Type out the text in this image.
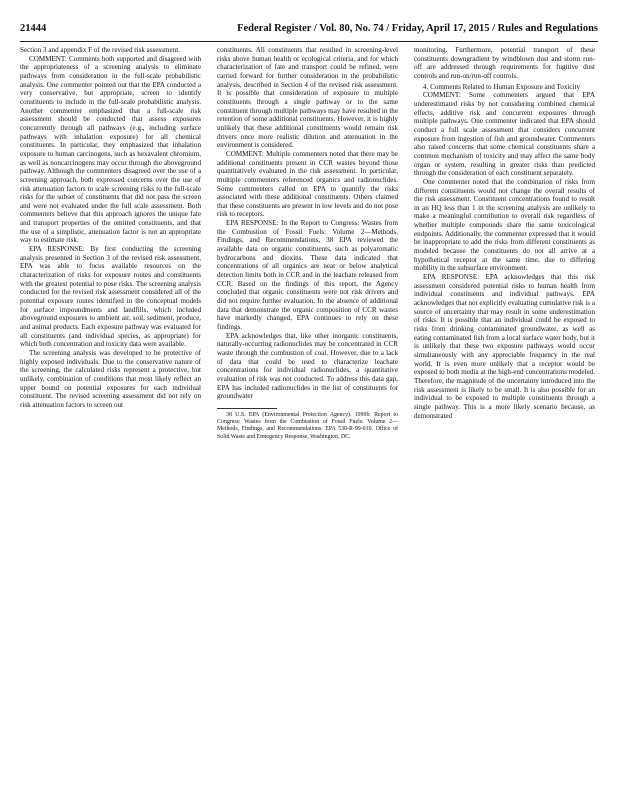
21444	Federal Register / Vol. 80, No. 74 / Friday, April 17, 2015 / Rules and Regulations

Section 3 and appendix F of the revised risk assessment.

COMMENT: Comments both supported and disagreed with the appropriateness of a screening analysis to eliminate pathways from consideration in the full-scale probabilistic analysis. One commenter pointed out that the EPA conducted a very conservative, but appropriate, screen to identify constituents to include in the full-scale probabilistic analysis. Another commenter emphasized that a full-scale risk assessment should be conducted that assess exposures concurrently through all pathways (e.g., including surface pathways with inhalation exposure) for all chemical constituents. In particular, they emphasized that inhalation exposure to human carcinogens, such as hexavalent chromium, as well as noncarcinogens may occur through the aboveground pathway. Although the commenters disagreed over the use of a screening approach, both expressed concerns over the use of risk attenuation factors to scale screening risks to the full-scale risks for the subset of constituents that did not pass the screen and were not evaluated under the full scale assessment. Both commenters believe that this approach ignores the unique fate and transport properties of the omitted constituents, and that the use of a simplistic, attenuation factor is not an appropriate way to estimate risk.

EPA RESPONSE: By first conducting the screening analysis presented in Section 3 of the revised risk assessment, EPA was able to focus available resources on the characterization of risks for exposure routes and constituents with the greatest potential to pose risks. The screening analysis conducted for the revised risk assessment considered all of the potential exposure routes identified in the conceptual models for surface impoundments and landfills, which included aboveground exposures to ambient air, soil, sediment, produce, and animal products. Each exposure pathway was evaluated for all constituents (and individual species, as appropriate) for which both concentration and toxicity data were available.

The screening analysis was developed to be protective of highly exposed individuals. Due to the conservative nature of the screening, the calculated risks represent a protective, but unlikely, combination of conditions that most likely reflect an upper bound on potential exposures for each individual constituent. The revised screening assessment did not rely on risk attenuation factors to screen out

constituents. All constituents that resulted in screening-level risks above human health or ecological criteria, and for which characterization of fate and transport could be refined, were carried forward for further consideration in the probabilistic analysis, described in Section 4 of the revised risk assessment. It is possible that consideration of exposure to multiple constituents through a single pathway or to the same constituent through multiple pathways may have resulted in the retention of some additional constituents. However, it is highly unlikely that these additional constituents would remain risk drivers once more realistic dilution and attenuation in the environment is considered.

COMMENT: Multiple commenters noted that there may be additional constituents present in CCR wastes beyond those quantitatively evaluated in the risk assessment. In particular, multiple commenters referenced organics and radionuclides. Some commenters called on EPA to quantify the risks associated with these additional constituents. Others claimed that these constituents are present in low levels and do not pose risk to receptors.

EPA RESPONSE: In the Report to Congress: Wastes from the Combustion of Fossil Fuels: Volume 2—Methods, Findings, and Recommendations, 38 EPA reviewed the available data on organic constituents, such as polyaromatic hydrocarbons and dioxins. These data indicated that concentrations of all organics are near or below analytical detection limits both in CCR and in the leachate released from CCR. Based on the findings of this report, the Agency concluded that organic constituents were not risk drivers and did not require further evaluation. In the absence of additional data that demonstrate the organic composition of CCR wastes have markedly changed, EPA continues to rely on these findings.

EPA acknowledges that, like other inorganic constituents, naturally-occurring radionuclides may be concentrated in CCR waste through the combustion of coal. However, due to a lack of data that could be used to characterize leachate concentrations for individual radionuclides, a quantitative evaluation of risk was not conducted. To address this data gap, EPA has included radionuclides in the list of constituents for groundwater

38 U.S. EPA (Environmental Protection Agency). 1999b. Report to Congress: Wastes from the Combustion of Fossil Fuels: Volume 2—Methods, Findings, and Recommendations. EPA 530-R-99-010. Office of Solid Waste and Emergency Response, Washington, DC.

monitoring. Furthermore, potential transport of these constituents downgradient by windblown dust and storm run-off are addressed through requirements for fugitive dust controls and run-on/run-off controls.

4. Comments Related to Human Exposure and Toxicity

COMMENT: Some commenters argued that EPA underestimated risks by not considering combined chemical effects, additive risk and concurrent exposures through multiple pathways. One commenter indicated that EPA should conduct a full scale assessment that considers concurrent exposure from ingestion of fish and groundwater. Commenters also raised concerns that some chemical constituents share a common mechanism of toxicity and may affect the same body organ or system, resulting in greater risks than predicted through the consideration of each constituent separately.

One commenter noted that the combination of risks from different constituents would not change the overall results of the risk assessment. Constituent concentrations found to result in an HQ less than 1 in the screening analysis are unlikely to make a meaningful contribution to overall risk regardless of whether multiple compounds share the same toxicological endpoints. Additionally, the commenter expressed that it would be inappropriate to add the risks from different constituents as modeled because the constituents do not all arrive at a hypothetical receptor at the same time, due to differing mobility in the subsurface environment.

EPA RESPONSE: EPA acknowledges that this risk assessment considered potential risks to human health from individual constituents and individual pathways. EPA acknowledges that not explicitly evaluating cumulative risk is a source of uncertainty that may result in some underestimation of risks. It is possible that an individual could be exposed to risks from drinking contaminated groundwater, as well as eating contaminated fish from a local surface water body, but it is unlikely that these two exposure pathways would occur simultaneously with any appreciable frequency in the real world. It is even more unlikely that a receptor would be exposed to both media at the high-end concentrations modeled. Therefore, the magnitude of the uncertainty introduced into the risk assessment is likely to be small. It is also possible for an individual to be exposed to multiple constituents through a single pathway. This is a more likely scenario because, as demonstrated
